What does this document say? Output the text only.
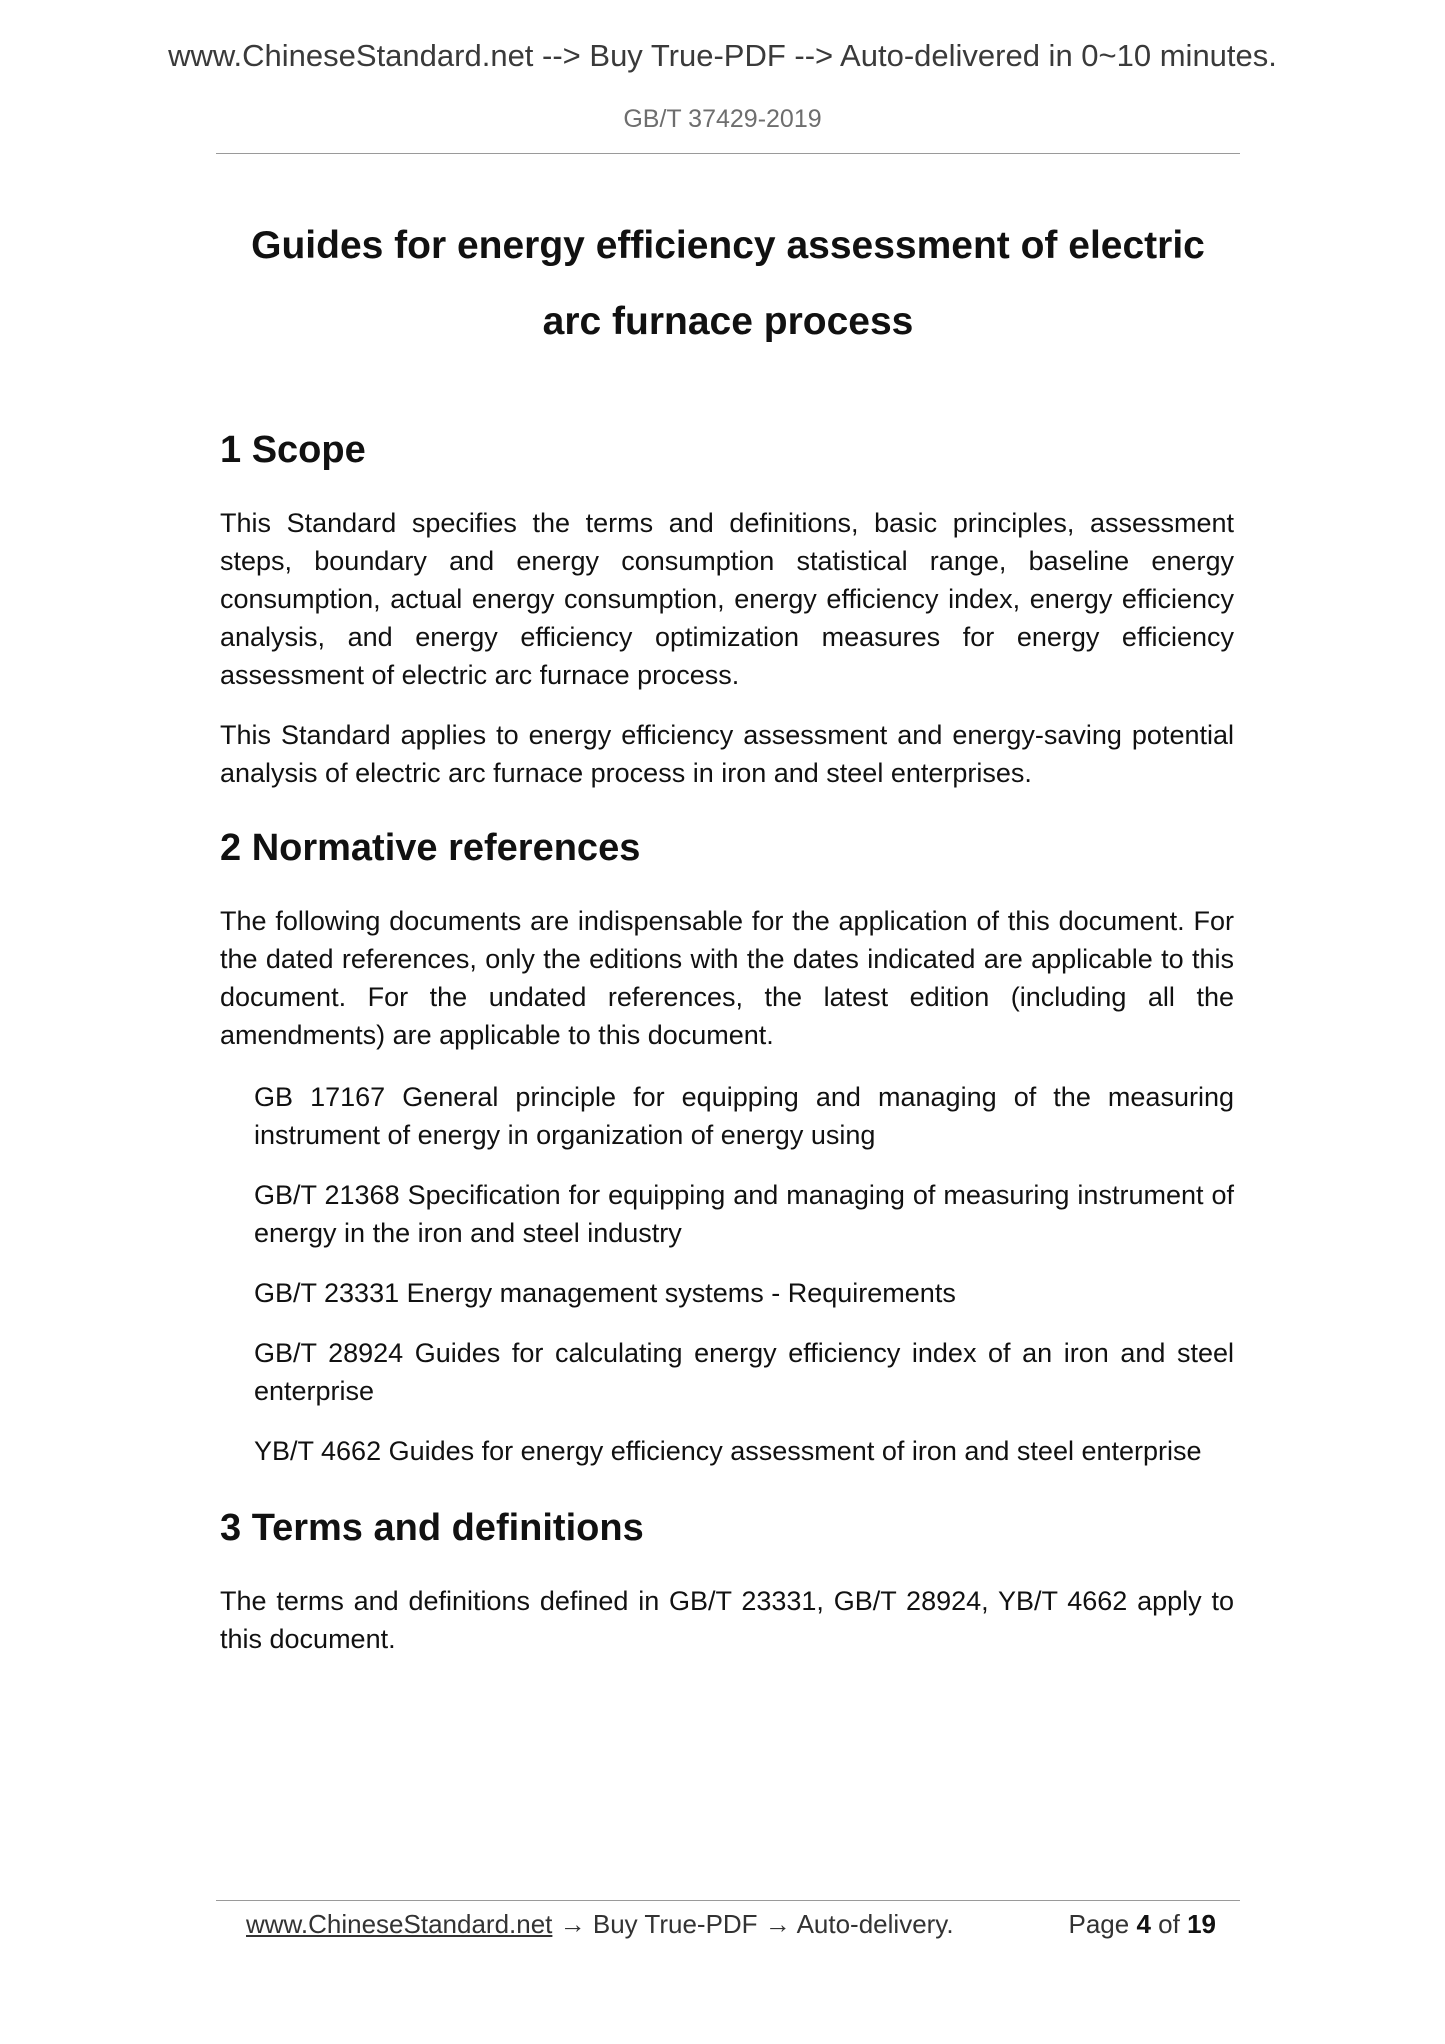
www.ChineseStandard.net --> Buy True-PDF --> Auto-delivered in 0~10 minutes.
GB/T 37429-2019
Guides for energy efficiency assessment of electric
arc furnace process
1 Scope

This Standard specifies the terms and definitions, basic principles, assessment steps, boundary and energy consumption statistical range, baseline energy consumption, actual energy consumption, energy efficiency index, energy efficiency analysis, and energy efficiency optimization measures for energy efficiency assessment of electric arc furnace process.

This Standard applies to energy efficiency assessment and energy-saving potential analysis of electric arc furnace process in iron and steel enterprises.

2 Normative references

The following documents are indispensable for the application of this document. For the dated references, only the editions with the dates indicated are applicable to this document. For the undated references, the latest edition (including all the amendments) are applicable to this document.

GB 17167 General principle for equipping and managing of the measuring instrument of energy in organization of energy using

GB/T 21368 Specification for equipping and managing of measuring instrument of energy in the iron and steel industry

GB/T 23331 Energy management systems - Requirements

GB/T 28924 Guides for calculating energy efficiency index of an iron and steel enterprise

YB/T 4662 Guides for energy efficiency assessment of iron and steel enterprise

3 Terms and definitions

The terms and definitions defined in GB/T 23331, GB/T 28924, YB/T 4662 apply to this document.

www.ChineseStandard.net → Buy True-PDF → Auto-delivery.	Page 4 of 19
